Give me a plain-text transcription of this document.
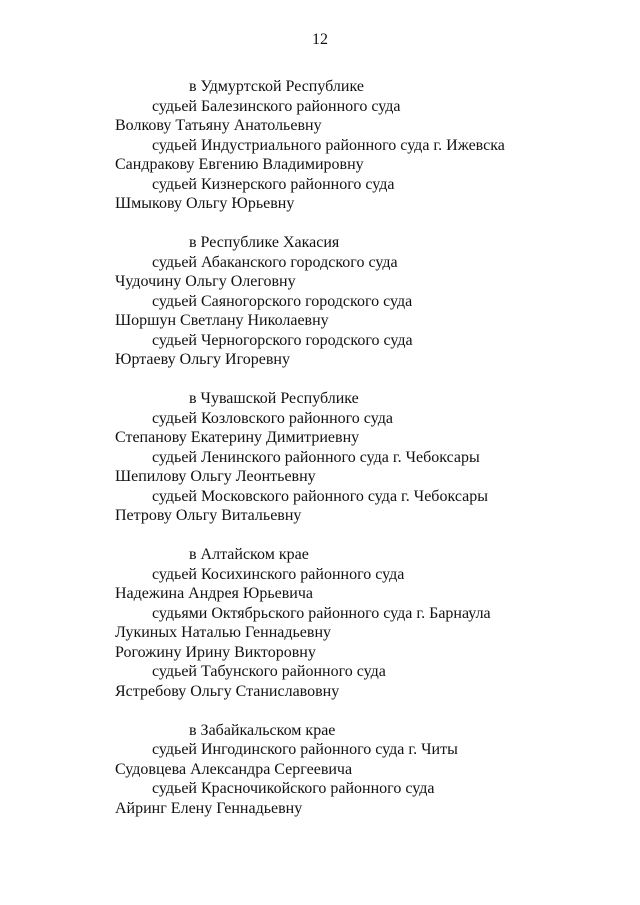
12
в Удмуртской Республике
судьей Балезинского районного суда
Волкову Татьяну Анатольевну
судьей Индустриального районного суда г. Ижевска
Сандракову Евгению Владимировну
судьей Кизнерского районного суда
Шмыкову Ольгу Юрьевну
в Республике Хакасия
судьей Абаканского городского суда
Чудочину Ольгу Олеговну
судьей Саяногорского городского суда
Шоршун Светлану Николаевну
судьей Черногорского городского суда
Юртаеву Ольгу Игоревну
в Чувашской Республике
судьей Козловского районного суда
Степанову Екатерину Димитриевну
судьей Ленинского районного суда г. Чебоксары
Шепилову Ольгу Леонтьевну
судьей Московского районного суда г. Чебоксары
Петрову Ольгу Витальевну
в Алтайском крае
судьей Косихинского районного суда
Надежина Андрея Юрьевича
судьями Октябрьского районного суда г. Барнаула
Лукиных Наталью Геннадьевну
Рогожину Ирину Викторовну
судьей Табунского районного суда
Ястребову Ольгу Станиславовну
в Забайкальском крае
судьей Ингодинского районного суда г. Читы
Судовцева Александра Сергеевича
судьей Красночикойского районного суда
Айринг Елену Геннадьевну
